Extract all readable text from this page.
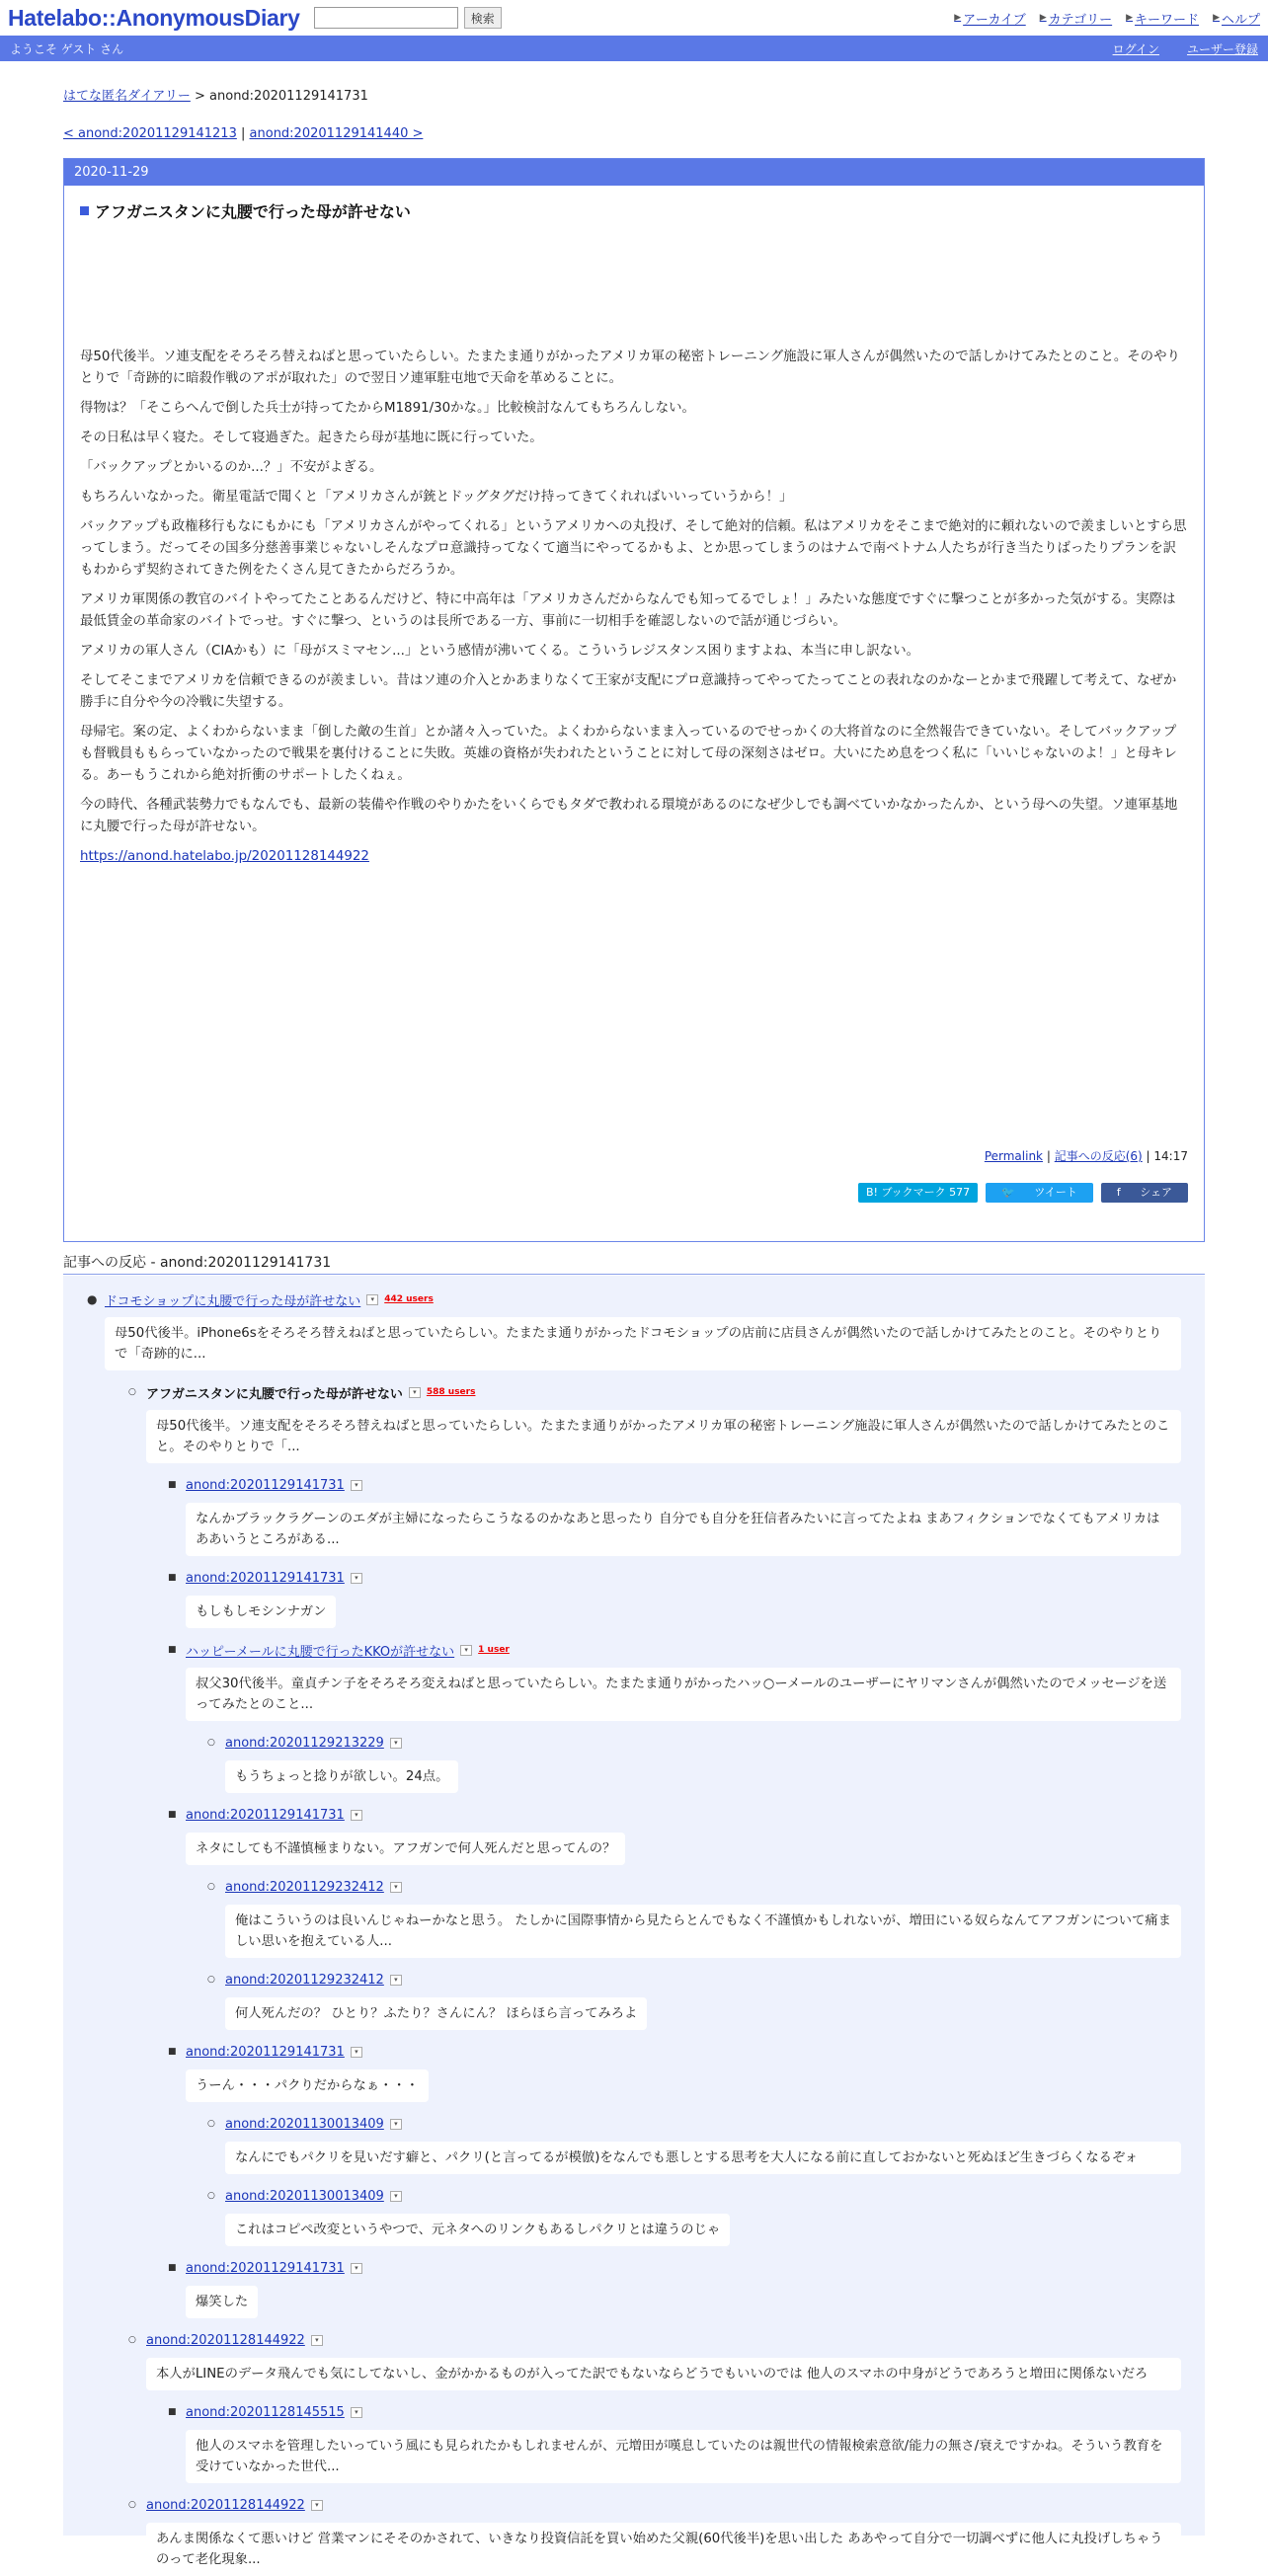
Hatelabo::AnonymousDiary	検索	▶ アーカイブ ▶ カテゴリー ▶ キーワード ▶ ヘルプ
ようこそ ゲスト さん	ログイン ユーザー登録
はてな匿名ダイアリー > anond:20201129141731
< anond:20201129141213 | anond:20201129141440 >
2020-11-29
アフガニスタンに丸腰で行った母が許せない

母50代後半。ソ連支配をそろそろ替えねばと思っていたらしい。たまたま通りがかったアメリカ軍の秘密トレーニング施設に軍人さんが偶然いたので話しかけてみたとのこと。そのやりとりで「奇跡的に暗殺作戦のアポが取れた」ので翌日ソ連軍駐屯地で天命を革めることに。

得物は？「そこらへんで倒した兵士が持ってたからM1891/30かな。」比較検討なんてもちろんしない。

その日私は早く寝た。そして寝過ぎた。起きたら母が基地に既に行っていた。

「バックアップとかいるのか...？」不安がよぎる。

もちろんいなかった。衛星電話で聞くと「アメリカさんが銃とドッグタグだけ持ってきてくれればいいっていうから！」

バックアップも政権移行もなにもかにも「アメリカさんがやってくれる」というアメリカへの丸投げ、そして絶対的信頼。私はアメリカをそこまで絶対的に頼れないので羨ましいとすら思ってしまう。だってその国多分慈善事業じゃないしそんなプロ意識持ってなくて適当にやってるかもよ、とか思ってしまうのはナムで南ベトナム人たちが行き当たりばったりプランを訳もわからず契約されてきた例をたくさん見てきたからだろうか。

アメリカ軍関係の教官のバイトやってたことあるんだけど、特に中高年は「アメリカさんだからなんでも知ってるでしょ！」みたいな態度ですぐに撃つことが多かった気がする。実際は最低賃金の革命家のバイトでっせ。すぐに撃つ、というのは長所である一方、事前に一切相手を確認しないので話が通じづらい。

アメリカの軍人さん（CIAかも）に「母がスミマセン...」という感情が沸いてくる。こういうレジスタンス困りますよね、本当に申し訳ない。

そしてそこまでアメリカを信頼できるのが羨ましい。昔はソ連の介入とかあまりなくて王家が支配にプロ意識持ってやってたってことの表れなのかなーとかまで飛躍して考えて、なぜか勝手に自分や今の冷戦に失望する。

母帰宅。案の定、よくわからないまま「倒した敵の生首」とか諸々入っていた。よくわからないまま入っているのでせっかくの大将首なのに全然報告できていない。そしてバックアップも督戦員ももらっていなかったので戦果を裏付けることに失敗。英雄の資格が失われたということに対して母の深刻さはゼロ。大いにため息をつく私に「いいじゃないのよ！」と母キレる。あーもうこれから絶対折衝のサポートしたくねぇ。

今の時代、各種武装勢力でもなんでも、最新の装備や作戦のやりかたをいくらでもタダで教われる環境があるのになぜ少しでも調べていかなかったんか、という母への失望。ソ連軍基地に丸腰で行った母が許せない。

https://anond.hatelabo.jp/20201128144922

Permalink | 記事への反応(6) | 14:17
B! ブックマーク 577	🐦 ツイート	f シェア
記事への反応 - anond:20201129141731
● ドコモショップに丸腰で行った母が許せない	▾	442 users
母50代後半。iPhone6sをそろそろ替えねばと思っていたらしい。たまたま通りがかったドコモショップの店前に店員さんが偶然いたので話しかけてみたとのこと。そのやりとりで「奇跡的に...
○ アフガニスタンに丸腰で行った母が許せない	▾	588 users
母50代後半。ソ連支配をそろそろ替えねばと思っていたらしい。たまたま通りがかったアメリカ軍の秘密トレーニング施設に軍人さんが偶然いたので話しかけてみたとのこと。そのやりとりで「...
■ anond:20201129141731	▾
なんかブラックラグーンのエダが主婦になったらこうなるのかなあと思ったり 自分でも自分を狂信者みたいに言ってたよね まあフィクションでなくてもアメリカはああいうところがある...
■ anond:20201129141731	▾
もしもしモシンナガン
■ ハッピーメールに丸腰で行ったKKOが許せない	▾	1 user
叔父30代後半。童貞チン子をそろそろ変えねばと思っていたらしい。たまたま通りがかったハッ○ーメールのユーザーにヤリマンさんが偶然いたのでメッセージを送ってみたとのこと...
○ anond:20201129213229	▾
もうちょっと捻りが欲しい。24点。
■ anond:20201129141731	▾
ネタにしても不謹慎極まりない。アフガンで何人死んだと思ってんの？
○ anond:20201129232412	▾
俺はこういうのは良いんじゃねーかなと思う。 たしかに国際事情から見たらとんでもなく不謹慎かもしれないが、増田にいる奴らなんてアフガンについて痛ましい思いを抱えている人...
○ anond:20201129232412	▾
何人死んだの？ ひとり？ふたり？さんにん？ ほらほら言ってみろよ
■ anond:20201129141731	▾
うーん・・・パクりだからなぁ・・・
○ anond:20201130013409	▾
なんにでもパクリを見いだす癖と、パクリ(と言ってるが模倣)をなんでも悪しとする思考を大人になる前に直しておかないと死ぬほど生きづらくなるぞォ
○ anond:20201130013409	▾
これはコピペ改変というやつで、元ネタへのリンクもあるしパクリとは違うのじゃ
■ anond:20201129141731	▾
爆笑した
○ anond:20201128144922	▾
本人がLINEのデータ飛んでも気にしてないし、金がかかるものが入ってた訳でもないならどうでもいいのでは 他人のスマホの中身がどうであろうと増田に関係ないだろ
■ anond:20201128145515	▾
他人のスマホを管理したいっていう風にも見られたかもしれませんが、元増田が嘆息していたのは親世代の情報検索意欲/能力の無さ/衰えですかね。そういう教育を受けていなかった世代...
○ anond:20201128144922	▾
あんま関係なくて悪いけど 営業マンにそそのかされて、いきなり投資信託を買い始めた父親(60代後半)を思い出した ああやって自分で一切調べずに他人に丸投げしちゃうのって老化現象...
